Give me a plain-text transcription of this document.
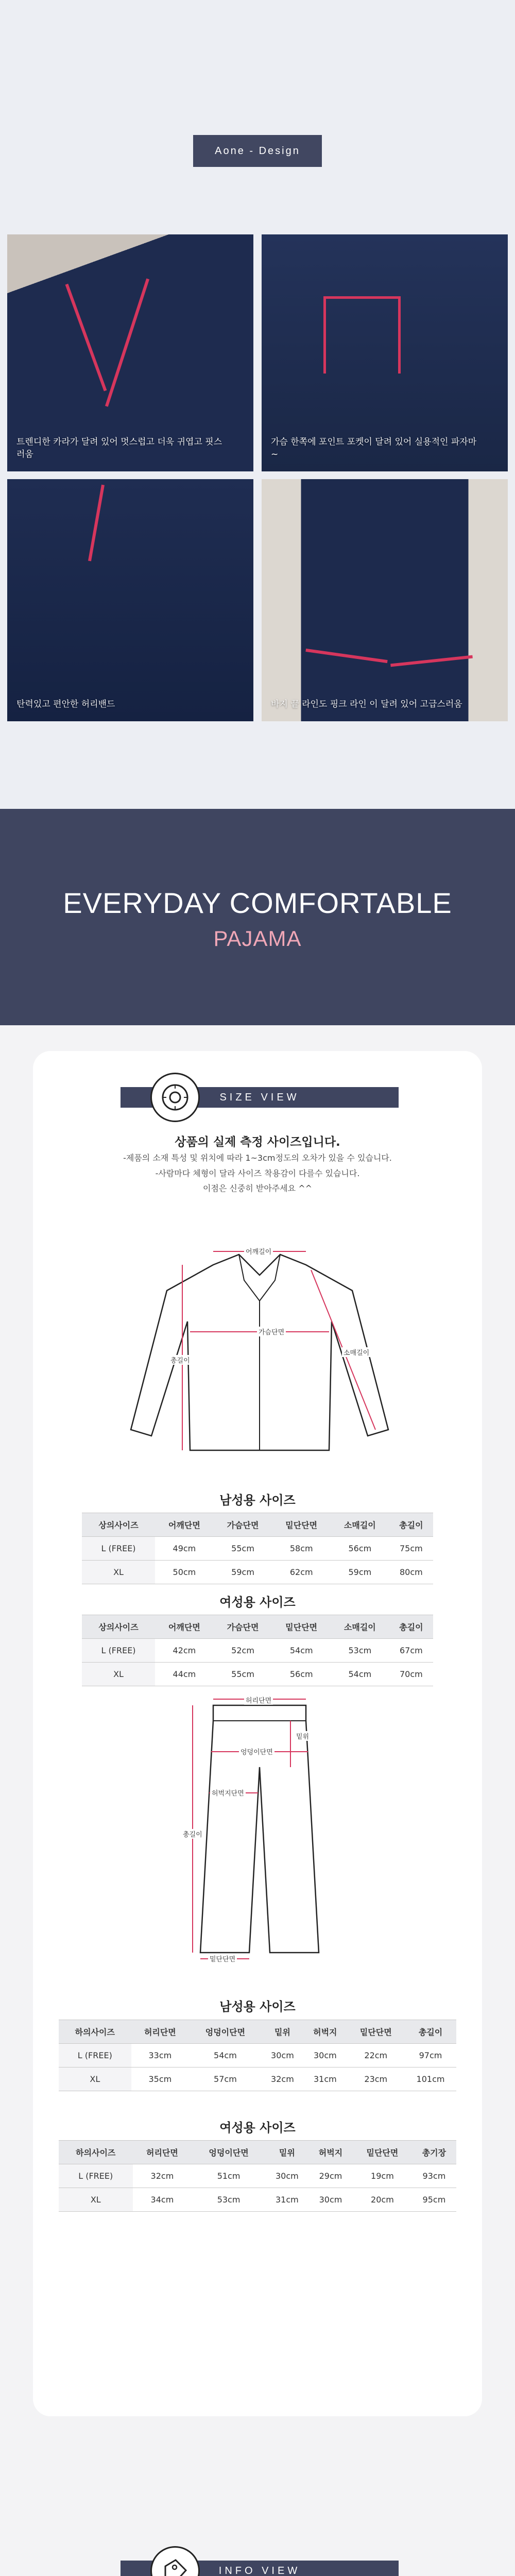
Aone - Design
트렌디한 카라가 달려 있어 멋스럽고 더욱 귀엽고 핏스러움
가슴 한쪽에 포인트 포켓이 달려 있어 실용적인 파자마~
탄력있고 편안한 허리밴드	바지 끝 라인도 핑크 라인 이 달려 있어 고급스러움
EVERYDAY COMFORTABLE
PAJAMA
SIZE VIEW
상품의 실제 측정 사이즈입니다.
-제품의 소재 특성 및 위치에 따라 1~3cm정도의 오차가 있을 수 있습니다.
-사람마다 체형이 달라 사이즈 착용감이 다를수 있습니다.
이점은 신중히 받아주세요 ^^
어깨길이
가슴단면
소매길이
총길이
남성용 사이즈
상의사이즈	어깨단면	가슴단면	밑단단면	소매길이	총길이
L (FREE)	49cm	55cm	58cm	56cm	75cm
XL	50cm	59cm	62cm	59cm	80cm
여성용 사이즈
상의사이즈	어깨단면	가슴단면	밑단단면	소매길이	총길이
L (FREE)	42cm	52cm	54cm	53cm	67cm
XL	44cm	55cm	56cm	54cm	70cm
허리단면
엉덩이단면
밑위
허벅지단면
밑단단면
총길이
남성용 사이즈
하의사이즈	허리단면	엉덩이단면	밑위	허벅지	밑단단면	총길이
L (FREE)	33cm	54cm	30cm	30cm	22cm	97cm
XL	35cm	57cm	32cm	31cm	23cm	101cm
여성용 사이즈
하의사이즈	허리단면	엉덩이단면	밑위	허벅지	밑단단면	총기장
L (FREE)	32cm	51cm	30cm	29cm	19cm	93cm
XL	34cm	53cm	31cm	30cm	20cm	95cm
INFO VIEW
